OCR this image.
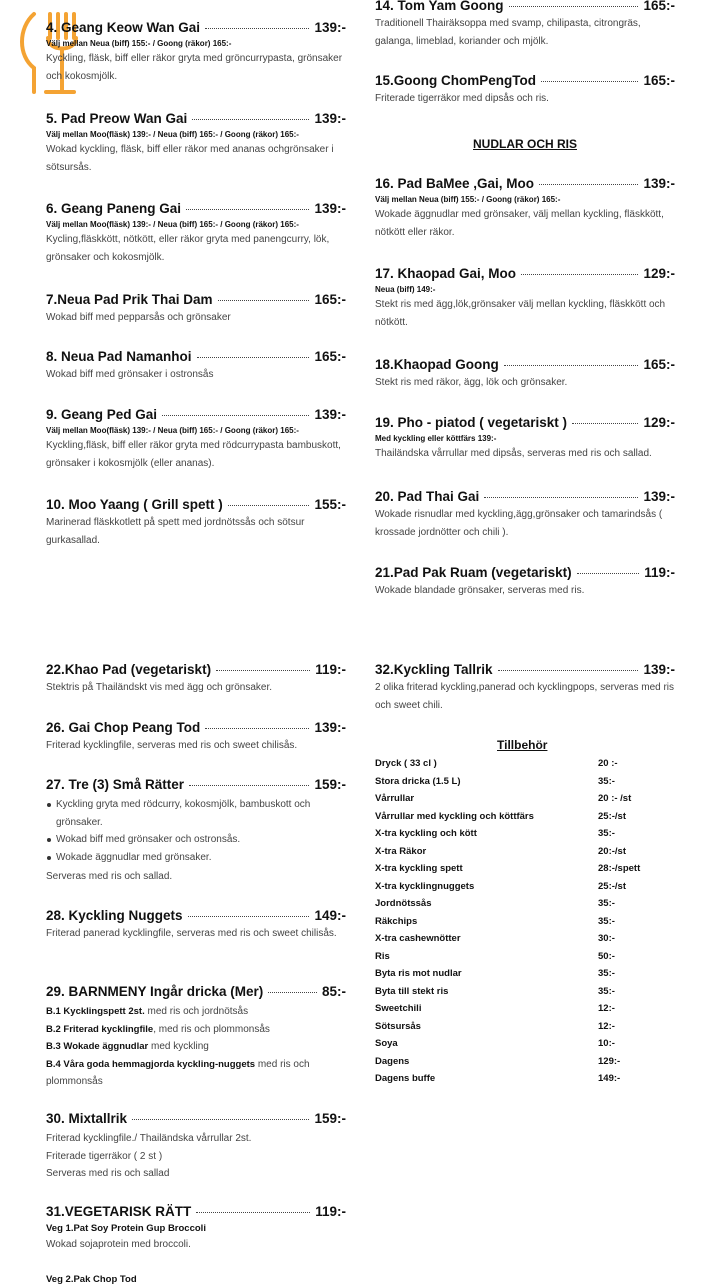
4. Geang Keow Wan Gai	139:-
Välj mellan Neua (biff) 155:- / Goong (räkor) 165:-
Kyckling, fläsk, biff eller räkor gryta med gröncurrypasta, grönsaker och kokosmjölk.
5. Pad Preow Wan Gai	139:-
Välj mellan Moo(fläsk) 139:- / Neua (biff) 165:- / Goong (räkor) 165:-
Wokad kyckling, fläsk, biff eller räkor med ananas ochgrönsaker i sötsursås.
6. Geang Paneng Gai	139:-
Välj mellan Moo(fläsk) 139:- / Neua (biff) 165:- / Goong (räkor) 165:-
Kycling,fläskkött, nötkött, eller räkor gryta med panengcurry, lök, grönsaker och kokosmjölk.
7.Neua Pad Prik Thai Dam	165:-
Wokad biff med pepparsås och grönsaker
8. Neua Pad Namanhoi	165:-
Wokad biff med grönsaker i ostronsås
9. Geang Ped Gai	139:-
Välj mellan Moo(fläsk) 139:- / Neua (biff) 165:- / Goong (räkor) 165:-
Kyckling,fläsk, biff eller räkor gryta med rödcurrypasta bambuskott, grönsaker i kokosmjölk (eller ananas).
10. Moo Yaang ( Grill spett )	155:-
Marinerad fläskkotlett på spett med jordnötssås och sötsur gurkasallad.
14. Tom Yam Goong	165:-
Traditionell Thairäksoppa med svamp, chilipasta, citrongräs, galanga, limeblad, koriander och mjölk.
15.Goong ChomPengTod	165:-
Friterade tigerräkor med dipsås och ris.
NUDLAR OCH RIS
16. Pad BaMee ,Gai, Moo	139:-
Välj mellan Neua (biff) 155:- / Goong (räkor) 165:-
Wokade äggnudlar med grönsaker, välj mellan kyckling, fläskkött, nötkött eller räkor.
17. Khaopad Gai, Moo	129:-
Neua (biff) 149:-
Stekt ris med ägg,lök,grönsaker välj mellan kyckling, fläskkött och nötkött.
18.Khaopad Goong	165:-
Stekt ris med räkor, ägg, lök och grönsaker.
19. Pho - piatod ( vegetariskt )	129:-
Med kyckling eller köttfärs 139:-
Thailändska vårrullar med dipsås, serveras med ris och sallad.
20. Pad Thai Gai	139:-
Wokade risnudlar med kyckling,ägg,grönsaker och tamarindsås ( krossade jordnötter och chili ).
21.Pad Pak Ruam (vegetariskt)	119:-
Wokade blandade grönsaker, serveras med ris.
22.Khao Pad (vegetariskt)	119:-
Stektris på Thailändskt vis med ägg och grönsaker.
26. Gai Chop Peang Tod	139:-
Friterad kycklingfile, serveras med ris och sweet chilisås.
27. Tre (3) Små Rätter	159:-
Kyckling gryta med rödcurry, kokosmjölk, bambuskott och grönsaker.
Wokad biff med grönsaker och ostronsås.
Wokade äggnudlar med grönsaker.
Serveras med ris och sallad.
28. Kyckling Nuggets	149:-
Friterad panerad kycklingfile, serveras med ris och sweet chilisås.
29. BARNMENY Ingår dricka (Mer)	85:-
B.1 Kycklingspett 2st. med ris och jordnötsås
B.2 Friterad kycklingfile, med ris och plommonsås
B.3 Wokade äggnudlar med kyckling
B.4 Våra goda hemmagjorda kyckling-nuggets med ris och plommonsås
30. Mixtallrik	159:-
Friterad kycklingfile./ Thailändska vårrullar 2st.
Friterade tigerräkor ( 2 st )
Serveras med ris och sallad
31.VEGETARISK RÄTT	119:-
Veg 1.Pat Soy Protein Gup Broccoli
Wokad sojaprotein med broccoli.
Veg 2.Pak Chop Tod
32.Kyckling Tallrik	139:-
2 olika friterad kyckling,panerad och kycklingpops, serveras med ris och sweet chili.
Tillbehör
Dryck ( 33 cl )	20 :-
Stora dricka (1.5 L)	35:-
Vårrullar	20 :- /st
Vårrullar med kyckling och köttfärs	25:-/st
X-tra kyckling och kött	35:-
X-tra Räkor	20:-/st
X-tra kyckling spett	28:-/spett
X-tra kycklingnuggets	25:-/st
Jordnötssås	35:-
Räkchips	35:-
X-tra cashewnötter	30:-
Ris	50:-
Byta ris mot nudlar	35:-
Byta till stekt ris	35:-
Sweetchili	12:-
Sötsursås	12:-
Soya	10:-
Dagens	129:-
Dagens buffe	149:-
